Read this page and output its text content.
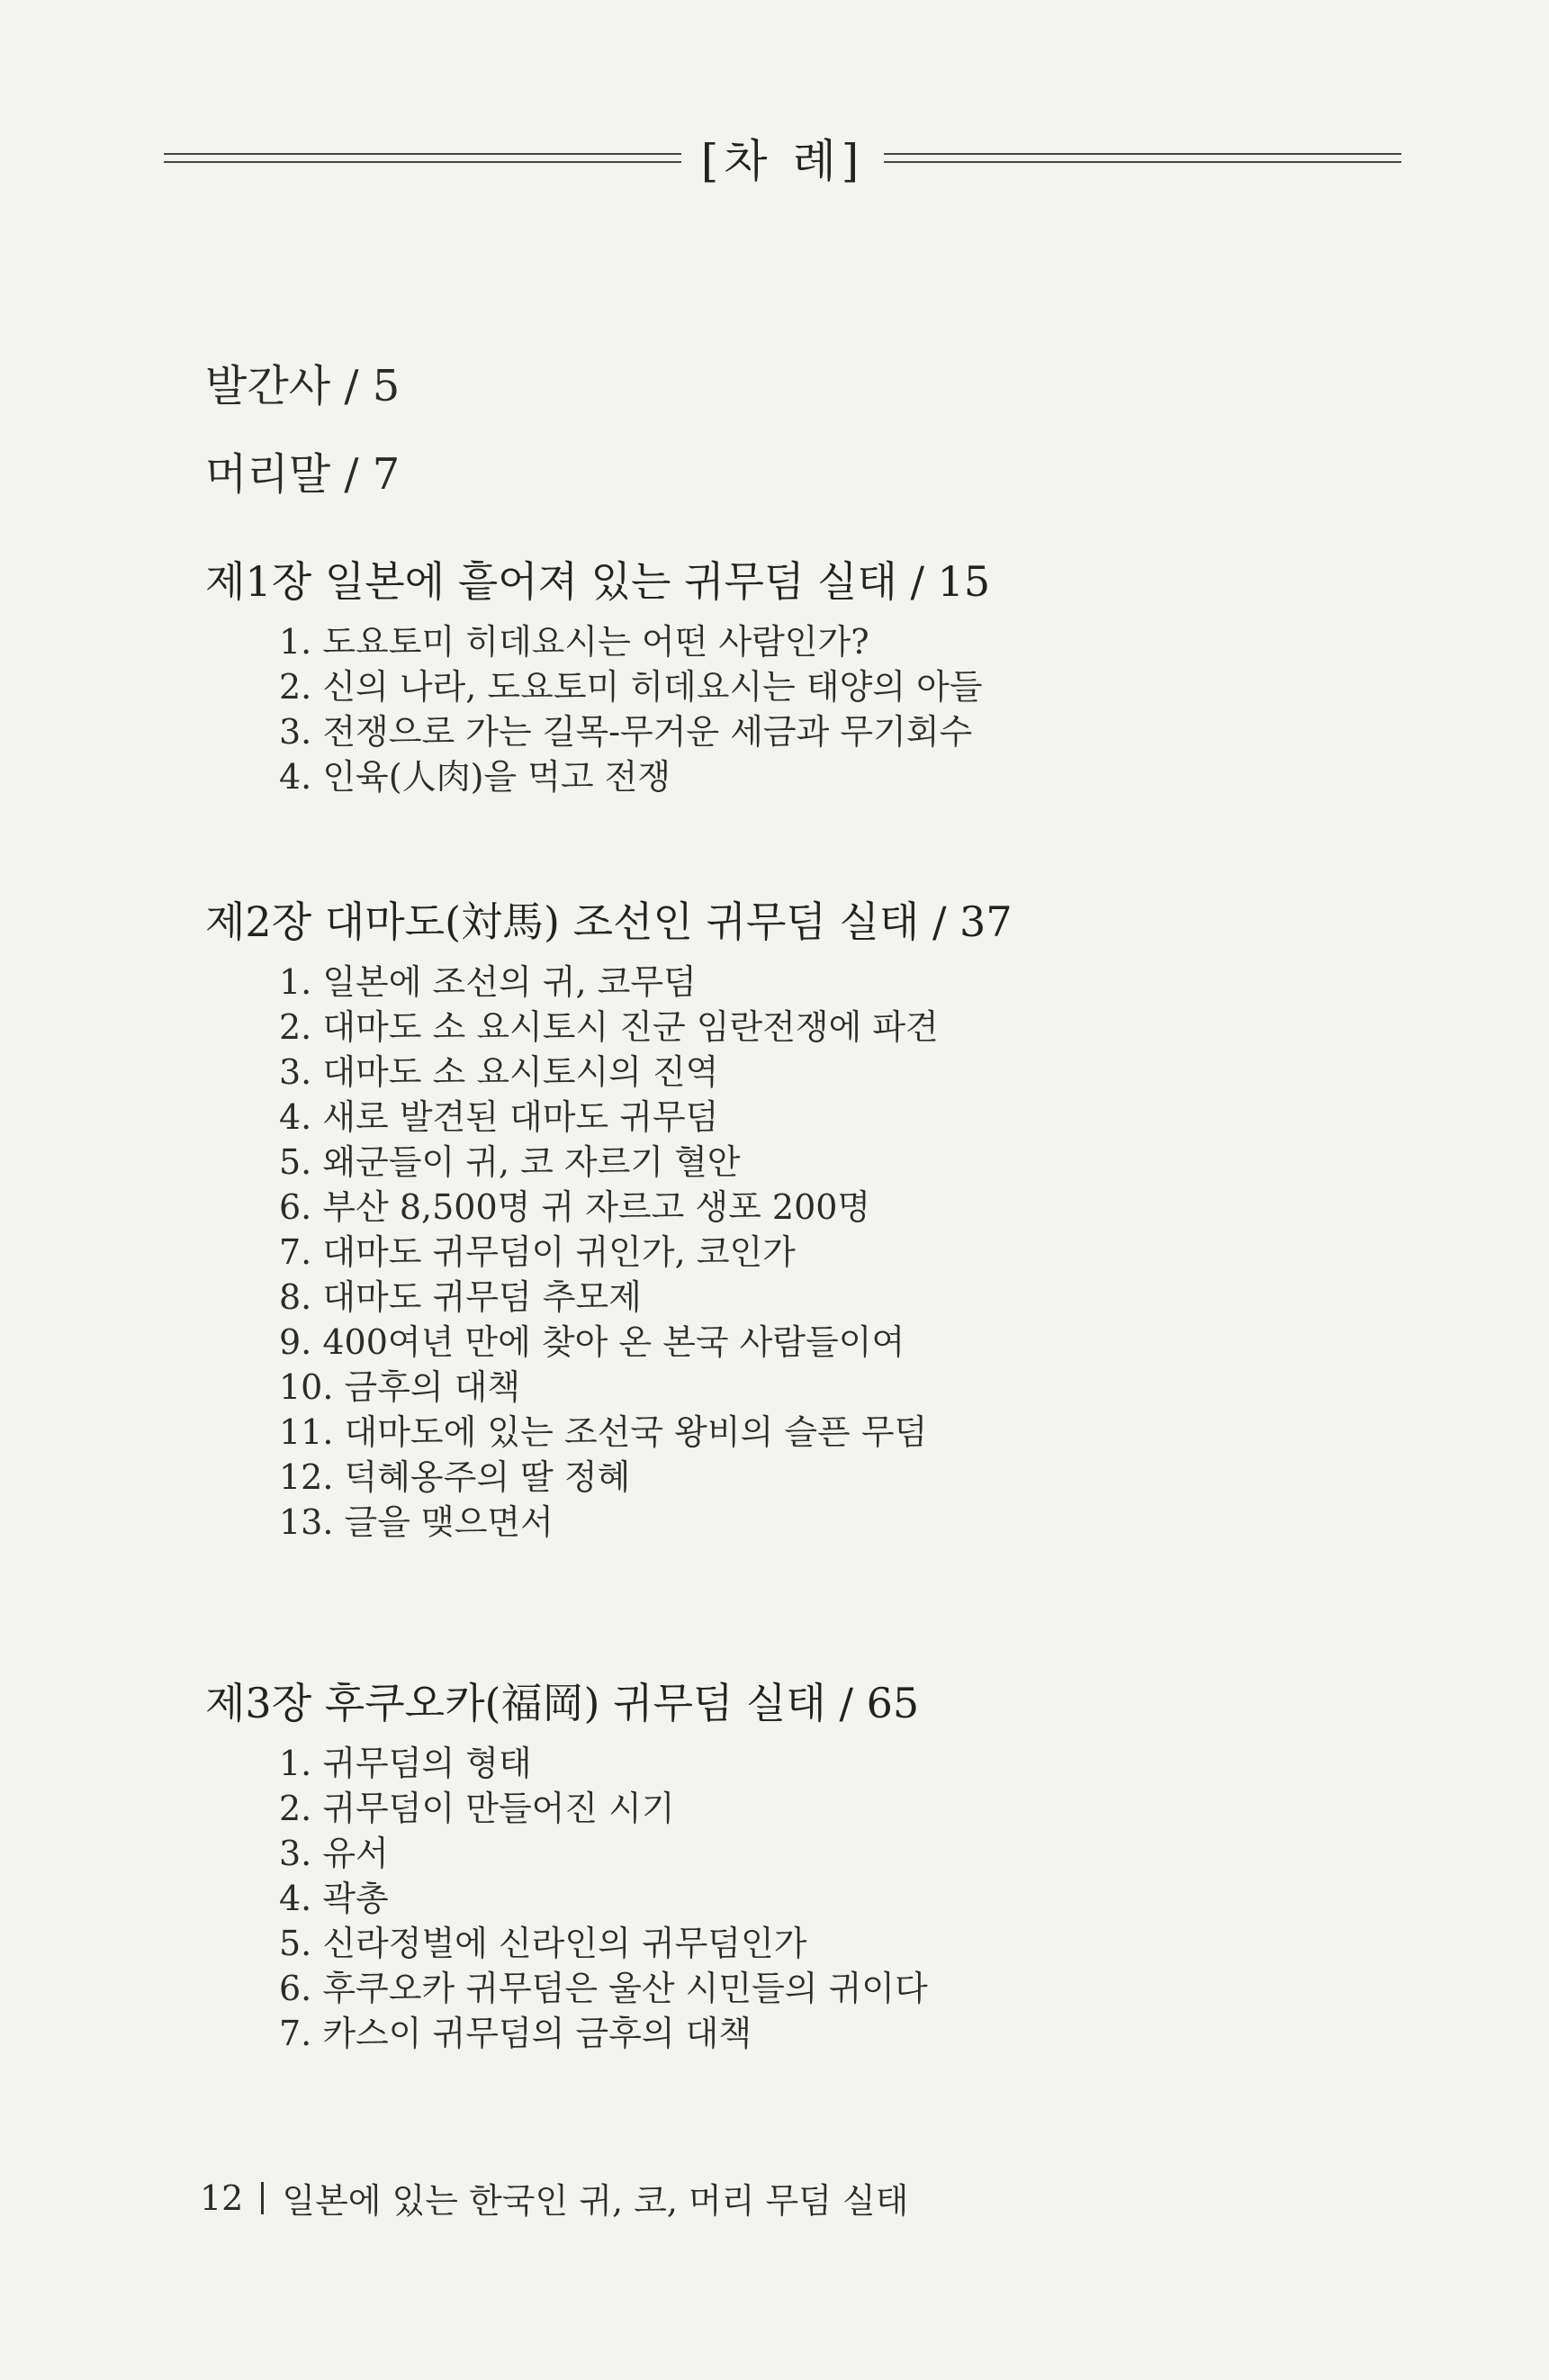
[차 례]
발간사 / 5
머리말 / 7
제1장 일본에 흩어져 있는 귀무덤 실태 / 15
1. 도요토미 히데요시는 어떤 사람인가?
2. 신의 나라, 도요토미 히데요시는 태양의 아들
3. 전쟁으로 가는 길목-무거운 세금과 무기회수
4. 인육(人肉)을 먹고 전쟁
제2장 대마도(対馬) 조선인 귀무덤 실태 / 37
1. 일본에 조선의 귀, 코무덤
2. 대마도 소 요시토시 진군 임란전쟁에 파견
3. 대마도 소 요시토시의 진역
4. 새로 발견된 대마도 귀무덤
5. 왜군들이 귀, 코 자르기 혈안
6. 부산 8,500명 귀 자르고 생포 200명
7. 대마도 귀무덤이 귀인가, 코인가
8. 대마도 귀무덤 추모제
9. 400여년 만에 찾아 온 본국 사람들이여
10. 금후의 대책
11. 대마도에 있는 조선국 왕비의 슬픈 무덤
12. 덕혜옹주의 딸 정혜
13. 글을 맺으면서
제3장 후쿠오카(福岡) 귀무덤 실태 / 65
1. 귀무덤의 형태
2. 귀무덤이 만들어진 시기
3. 유서
4. 곽총
5. 신라정벌에 신라인의 귀무덤인가
6. 후쿠오카 귀무덤은 울산 시민들의 귀이다
7. 카스이 귀무덤의 금후의 대책
12 일본에 있는 한국인 귀, 코, 머리 무덤 실태
